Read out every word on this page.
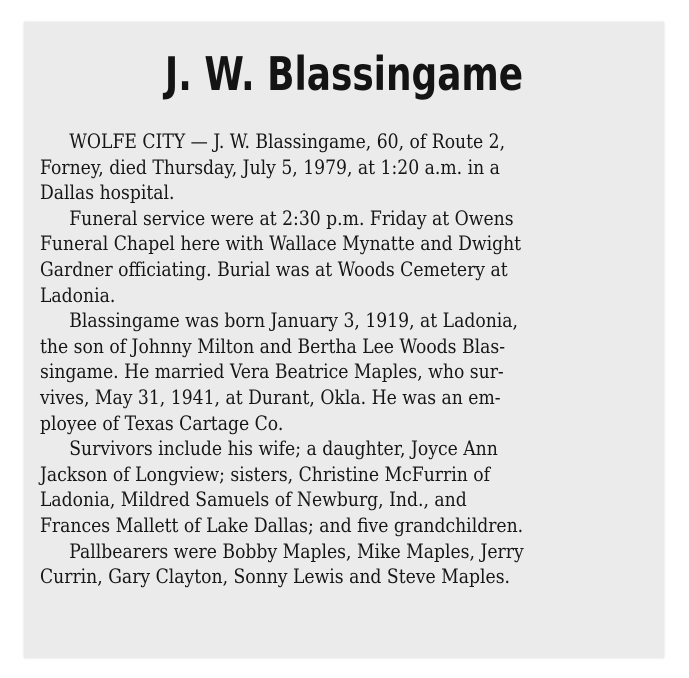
J. W. Blassingame
WOLFE CITY — J. W. Blassingame, 60, of Route 2,
Forney, died Thursday, July 5, 1979, at 1:20 a.m. in a
Dallas hospital.
Funeral service were at 2:30 p.m. Friday at Owens
Funeral Chapel here with Wallace Mynatte and Dwight
Gardner officiating. Burial was at Woods Cemetery at
Ladonia.
Blassingame was born January 3, 1919, at Ladonia,
the son of Johnny Milton and Bertha Lee Woods Blas-
singame. He married Vera Beatrice Maples, who sur-
vives, May 31, 1941, at Durant, Okla. He was an em-
ployee of Texas Cartage Co.
Survivors include his wife; a daughter, Joyce Ann
Jackson of Longview; sisters, Christine McFurrin of
Ladonia, Mildred Samuels of Newburg, Ind., and
Frances Mallett of Lake Dallas; and five grandchildren.
Pallbearers were Bobby Maples, Mike Maples, Jerry
Currin, Gary Clayton, Sonny Lewis and Steve Maples.
